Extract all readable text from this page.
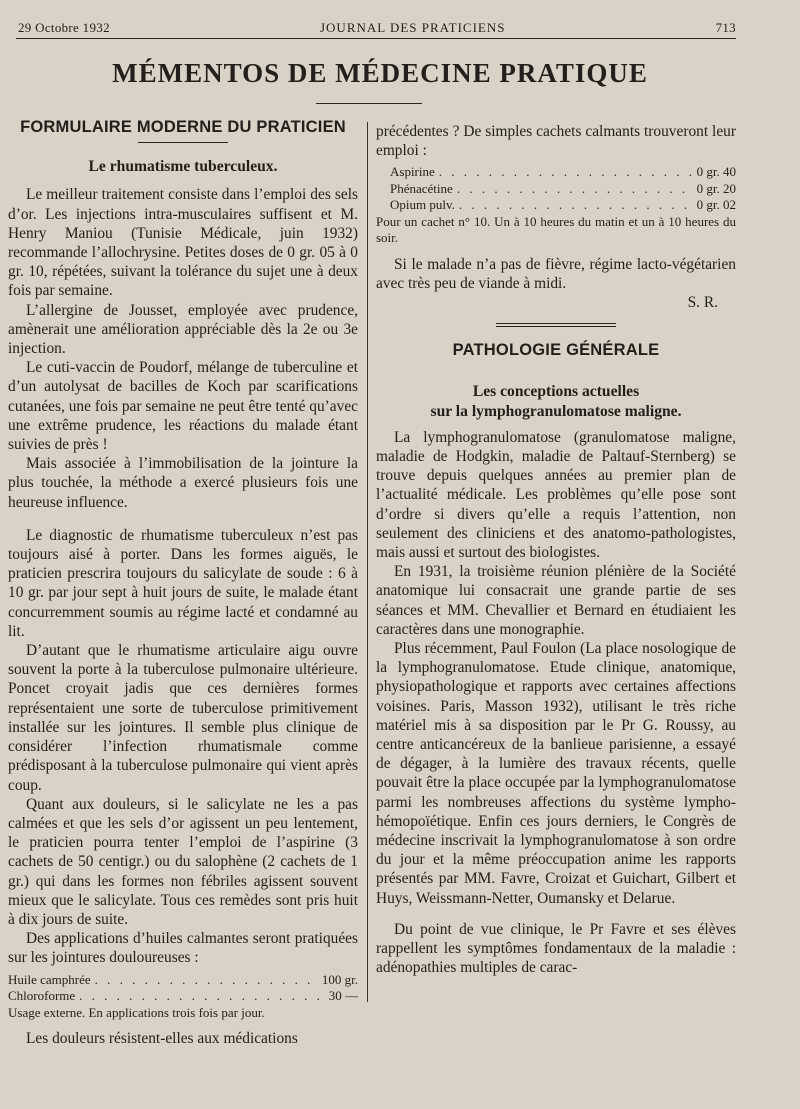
29 Octobre 1932	JOURNAL DES PRATICIENS	713
MÉMENTOS DE MÉDECINE PRATIQUE
FORMULAIRE MODERNE DU PRATICIEN
Le rhumatisme tuberculeux.

Le meilleur traitement consiste dans l’emploi des sels d’or. Les injections intra-musculaires suffisent et M. Henry Maniou (Tunisie Médicale, juin 1932) recommande l’allochrysine. Petites doses de 0 gr. 05 à 0 gr. 10, répétées, suivant la tolérance du sujet une à deux fois par semaine.

L’allergine de Jousset, employée avec prudence, amènerait une amélioration appréciable dès la 2e ou 3e injection.

Le cuti-vaccin de Poudorf, mélange de tuberculine et d’un autolysat de bacilles de Koch par scarifications cutanées, une fois par semaine ne peut être tenté qu’avec une extrême prudence, les réactions du malade étant suivies de près !

Mais associée à l’immobilisation de la jointure la plus touchée, la méthode a exercé plusieurs fois une heureuse influence.

Le diagnostic de rhumatisme tuberculeux n’est pas toujours aisé à porter. Dans les formes aiguës, le praticien prescrira toujours du salicylate de soude : 6 à 10 gr. par jour sept à huit jours de suite, le malade étant concurremment soumis au régime lacté et condamné au lit.

D’autant que le rhumatisme articulaire aigu ouvre souvent la porte à la tuberculose pulmonaire ultérieure. Poncet croyait jadis que ces dernières formes représentaient une sorte de tuberculose primitivement installée sur les jointures. Il semble plus clinique de considérer l’infection rhumatismale comme prédisposant à la tuberculose pulmonaire qui vient après coup.

Quant aux douleurs, si le salicylate ne les a pas calmées et que les sels d’or agissent un peu lentement, le praticien pourra tenter l’emploi de l’aspirine (3 cachets de 50 centigr.) ou du salophène (2 cachets de 1 gr.) qui dans les formes non fébriles agissent souvent mieux que le salicylate. Tous ces remèdes sont pris huit à dix jours de suite.

Des applications d’huiles calmantes seront pratiquées sur les jointures douloureuses :

Huile camphrée . . .	100 gr.
Chloroforme . . .	30 —
Usage externe. En applications trois fois par jour.

Les douleurs résistent-elles aux médications

précédentes ? De simples cachets calmants trouveront leur emploi :

Aspirine . . .	0 gr. 40
Phénacétine . . .	0 gr. 20
Opium pulv. . . .	0 gr. 02
Pour un cachet n° 10. Un à 10 heures du matin et un à 10 heures du soir.

Si le malade n’a pas de fièvre, régime lacto-végétarien avec très peu de viande à midi.

S. R.
PATHOLOGIE GÉNÉRALE
Les conceptions actuelles
sur la lymphogranulomatose maligne.

La lymphogranulomatose (granulomatose maligne, maladie de Hodgkin, maladie de Paltauf-Sternberg) se trouve depuis quelques années au premier plan de l’actualité médicale. Les problèmes qu’elle pose sont d’ordre si divers qu’elle a requis l’attention, non seulement des cliniciens et des anatomo-pathologistes, mais aussi et surtout des biologistes.

En 1931, la troisième réunion plénière de la Société anatomique lui consacrait une grande partie de ses séances et MM. Chevallier et Bernard en étudiaient les caractères dans une monographie.

Plus récemment, Paul Foulon (La place nosologique de la lymphogranulomatose. Etude clinique, anatomique, physiopathologique et rapports avec certaines affections voisines. Paris, Masson 1932), utilisant le très riche matériel mis à sa disposition par le Pr G. Roussy, au centre anticancéreux de la banlieue parisienne, a essayé de dégager, à la lumière des travaux récents, quelle pouvait être la place occupée par la lymphogranulomatose parmi les nombreuses affections du système lympho-hémopoïétique. Enfin ces jours derniers, le Congrès de médecine inscrivait la lymphogranulomatose à son ordre du jour et la même préoccupation anime les rapports présentés par MM. Favre, Croizat et Guichart, Gilbert et Huys, Weissmann-Netter, Oumansky et Delarue.

Du point de vue clinique, le Pr Favre et ses élèves rappellent les symptômes fondamentaux de la maladie : adénopathies multiples de carac-
